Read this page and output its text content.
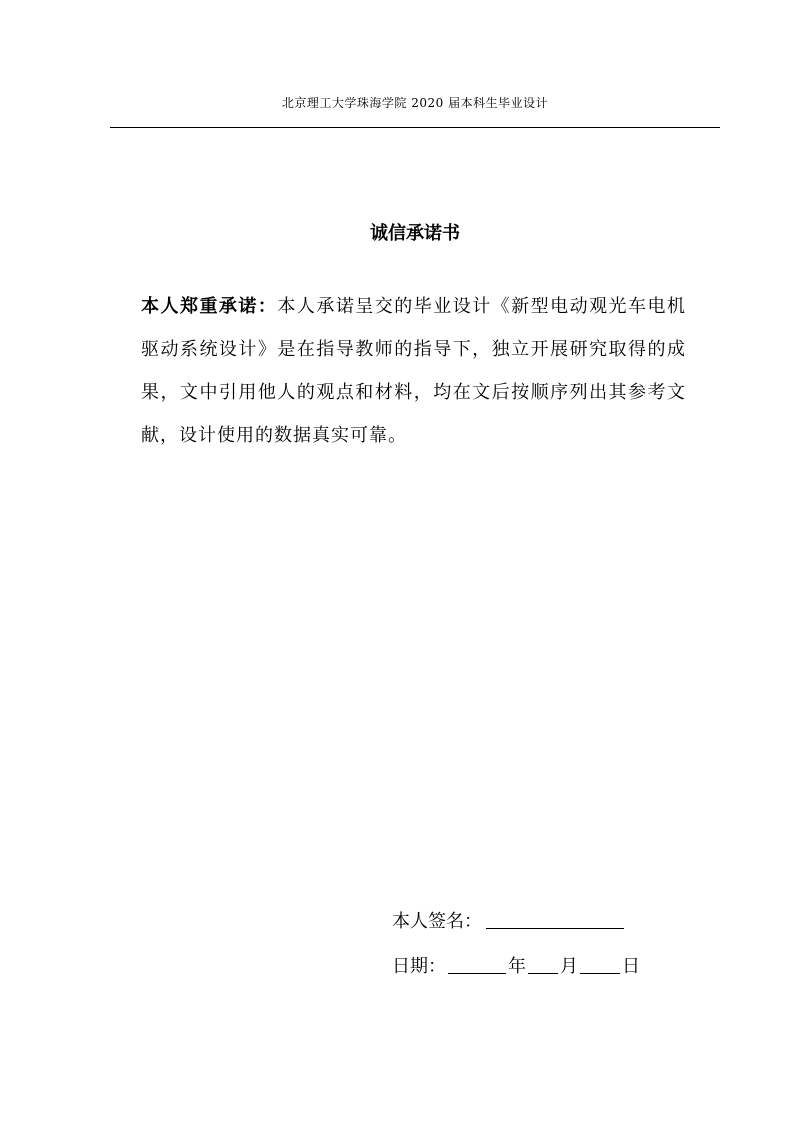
北京理工大学珠海学院 2020 届本科生毕业设计
诚信承诺书
本人郑重承诺：本人承诺呈交的毕业设计《新型电动观光车电机驱动系统设计》是在指导教师的指导下，独立开展研究取得的成果，文中引用他人的观点和材料，均在文后按顺序列出其参考文献，设计使用的数据真实可靠。
本人签名：
日期：	年 月 日
